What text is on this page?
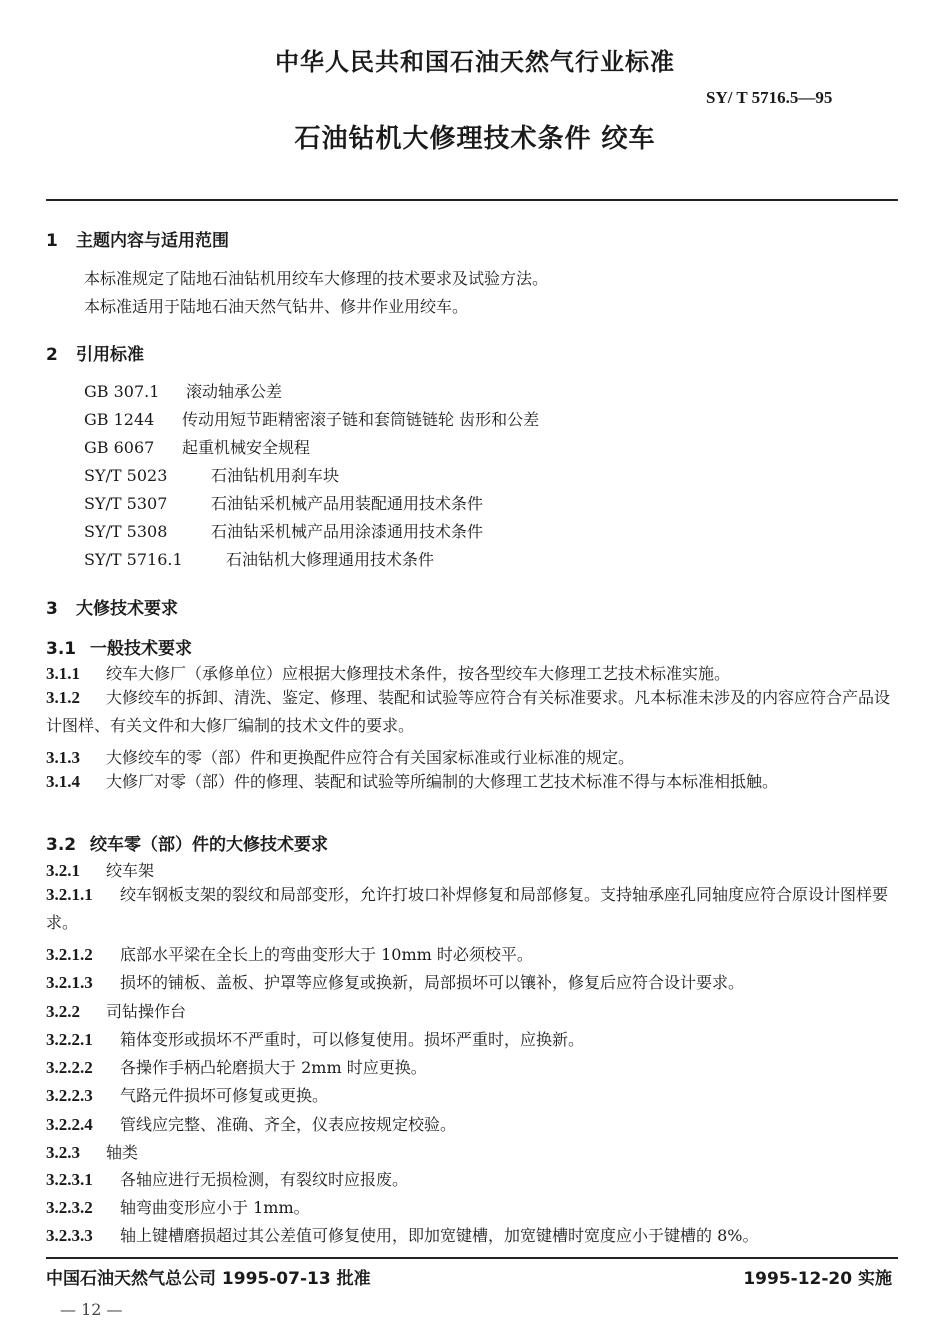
中华人民共和国石油天然气行业标准
SY/ T 5716.5—95
石油钻机大修理技术条件 绞车
1 主题内容与适用范围
本标准规定了陆地石油钻机用绞车大修理的技术要求及试验方法。
本标准适用于陆地石油天然气钻井、修井作业用绞车。
2 引用标准
GB 307.1 滚动轴承公差
GB 1244 传动用短节距精密滚子链和套筒链链轮 齿形和公差
GB 6067 起重机械安全规程
SY/T 5023	石油钻机用刹车块
SY/T 5307	石油钻采机械产品用装配通用技术条件
SY/T 5308	石油钻采机械产品用涂漆通用技术条件
SY/T 5716.1	石油钻机大修理通用技术条件
3 大修技术要求
3.1 一般技术要求
3.1.1 绞车大修厂（承修单位）应根据大修理技术条件，按各型绞车大修理工艺技术标准实施。
3.1.2 大修绞车的拆卸、清洗、鉴定、修理、装配和试验等应符合有关标准要求。凡本标准未涉及的内容应符合产品设计图样、有关文件和大修厂编制的技术文件的要求。
3.1.3 大修绞车的零（部）件和更换配件应符合有关国家标准或行业标准的规定。
3.1.4 大修厂对零（部）件的修理、装配和试验等所编制的大修理工艺技术标准不得与本标准相抵触。
3.2 绞车零（部）件的大修技术要求
3.2.1 绞车架
3.2.1.1 绞车钢板支架的裂纹和局部变形，允许打坡口补焊修复和局部修复。支持轴承座孔同轴度应符合原设计图样要求。
3.2.1.2 底部水平梁在全长上的弯曲变形大于 10mm 时必须校平。
3.2.1.3 损坏的铺板、盖板、护罩等应修复或换新，局部损坏可以镶补，修复后应符合设计要求。
3.2.2 司钻操作台
3.2.2.1 箱体变形或损坏不严重时，可以修复使用。损坏严重时，应换新。
3.2.2.2 各操作手柄凸轮磨损大于 2mm 时应更换。
3.2.2.3 气路元件损坏可修复或更换。
3.2.2.4 管线应完整、准确、齐全，仪表应按规定校验。
3.2.3 轴类
3.2.3.1 各轴应进行无损检测，有裂纹时应报废。
3.2.3.2 轴弯曲变形应小于 1mm。
3.2.3.3 轴上键槽磨损超过其公差值可修复使用，即加宽键槽，加宽键槽时宽度应小于键槽的 8%。
中国石油天然气总公司 1995-07-13 批准	1995-12-20 实施
— 12 —
